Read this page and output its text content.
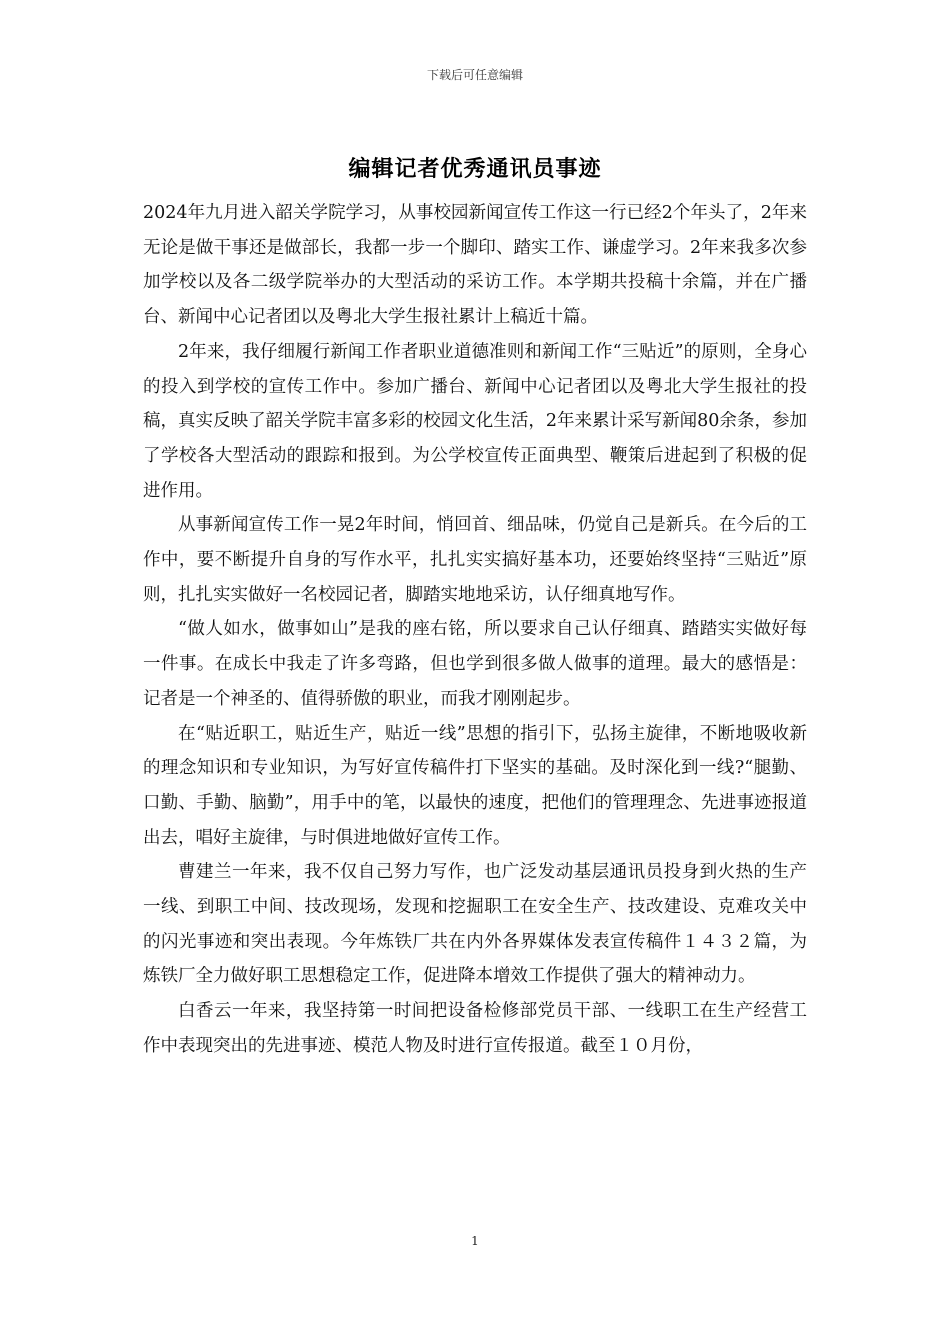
下载后可任意编辑
编辑记者优秀通讯员事迹

2024年九月进入韶关学院学习，从事校园新闻宣传工作这一行已经2个年头了，2年来无论是做干事还是做部长，我都一步一个脚印、踏实工作、谦虚学习。2年来我多次参加学校以及各二级学院举办的大型活动的采访工作。本学期共投稿十余篇，并在广播台、新闻中心记者团以及粤北大学生报社累计上稿近十篇。

2年来，我仔细履行新闻工作者职业道德准则和新闻工作“三贴近”的原则，全身心的投入到学校的宣传工作中。参加广播台、新闻中心记者团以及粤北大学生报社的投稿，真实反映了韶关学院丰富多彩的校园文化生活，2年来累计采写新闻80余条，参加了学校各大型活动的跟踪和报到。为公学校宣传正面典型、鞭策后进起到了积极的促进作用。

从事新闻宣传工作一晃2年时间，悄回首、细品味，仍觉自己是新兵。在今后的工作中，要不断提升自身的写作水平，扎扎实实搞好基本功，还要始终坚持“三贴近”原则，扎扎实实做好一名校园记者，脚踏实地地采访，认仔细真地写作。

“做人如水，做事如山”是我的座右铭，所以要求自己认仔细真、踏踏实实做好每一件事。在成长中我走了许多弯路，但也学到很多做人做事的道理。最大的感悟是：记者是一个神圣的、值得骄傲的职业，而我才刚刚起步。

在“贴近职工，贴近生产，贴近一线”思想的指引下，弘扬主旋律，不断地吸收新的理念知识和专业知识，为写好宣传稿件打下坚实的基础。及时深化到一线?“腿勤、口勤、手勤、脑勤”，用手中的笔，以最快的速度，把他们的管理理念、先进事迹报道出去，唱好主旋律，与时俱进地做好宣传工作。

曹建兰一年来，我不仅自己努力写作，也广泛发动基层通讯员投身到火热的生产一线、到职工中间、技改现场，发现和挖掘职工在安全生产、技改建设、克难攻关中的闪光事迹和突出表现。今年炼铁厂共在内外各界媒体发表宣传稿件１４３２篇，为炼铁厂全力做好职工思想稳定工作，促进降本增效工作提供了强大的精神动力。

白香云一年来，我坚持第一时间把设备检修部党员干部、一线职工在生产经营工作中表现突出的先进事迹、模范人物及时进行宣传报道。截至１０月份，

1
